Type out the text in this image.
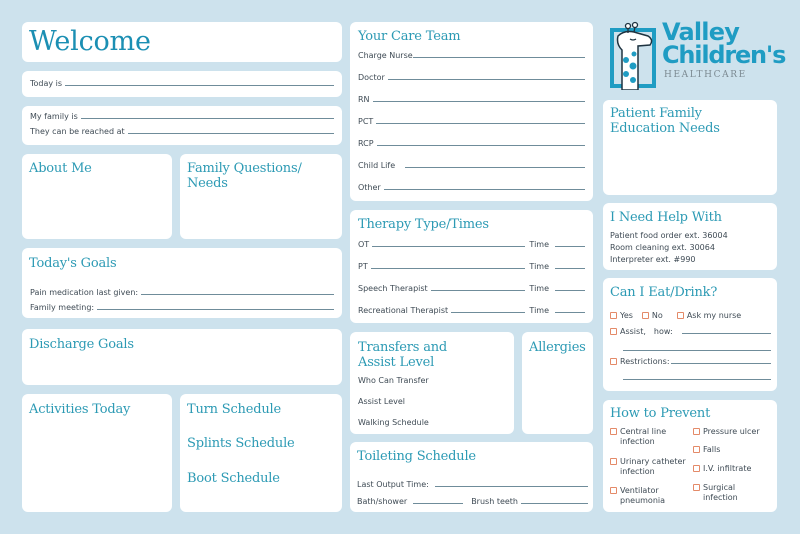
Welcome
Today is
My family is
They can be reached at
About Me	Family Questions/
Needs
Today's Goals
Pain medication last given:
Family meeting:
Discharge Goals
Activities Today	Turn Schedule
Splints Schedule
Boot Schedule
Your Care Team
Charge Nurse
Doctor
RN
PCT
RCP
Child Life
Other
Therapy Type/Times
OT	Time
PT	Time
Speech Therapist	Time
Recreational Therapist	Time
Transfers and
Assist Level
Who Can Transfer
Assist Level
Walking Schedule
Allergies
Toileting Schedule
Last Output Time:
Bath/shower	Brush teeth
Valley
Children's
HEALTHCARE
Patient Family
Education Needs
I Need Help With
Patient food order ext. 36004
Room cleaning ext. 30064
Interpreter ext. #990
Can I Eat/Drink?
Yes No	Ask my nurse
Assist, how:
Restrictions:
How to Prevent
Central line
infection
Urinary catheter
infection
Ventilator
pneumonia
Pressure ulcer
Falls
I.V. infiltrate
Surgical
infection
